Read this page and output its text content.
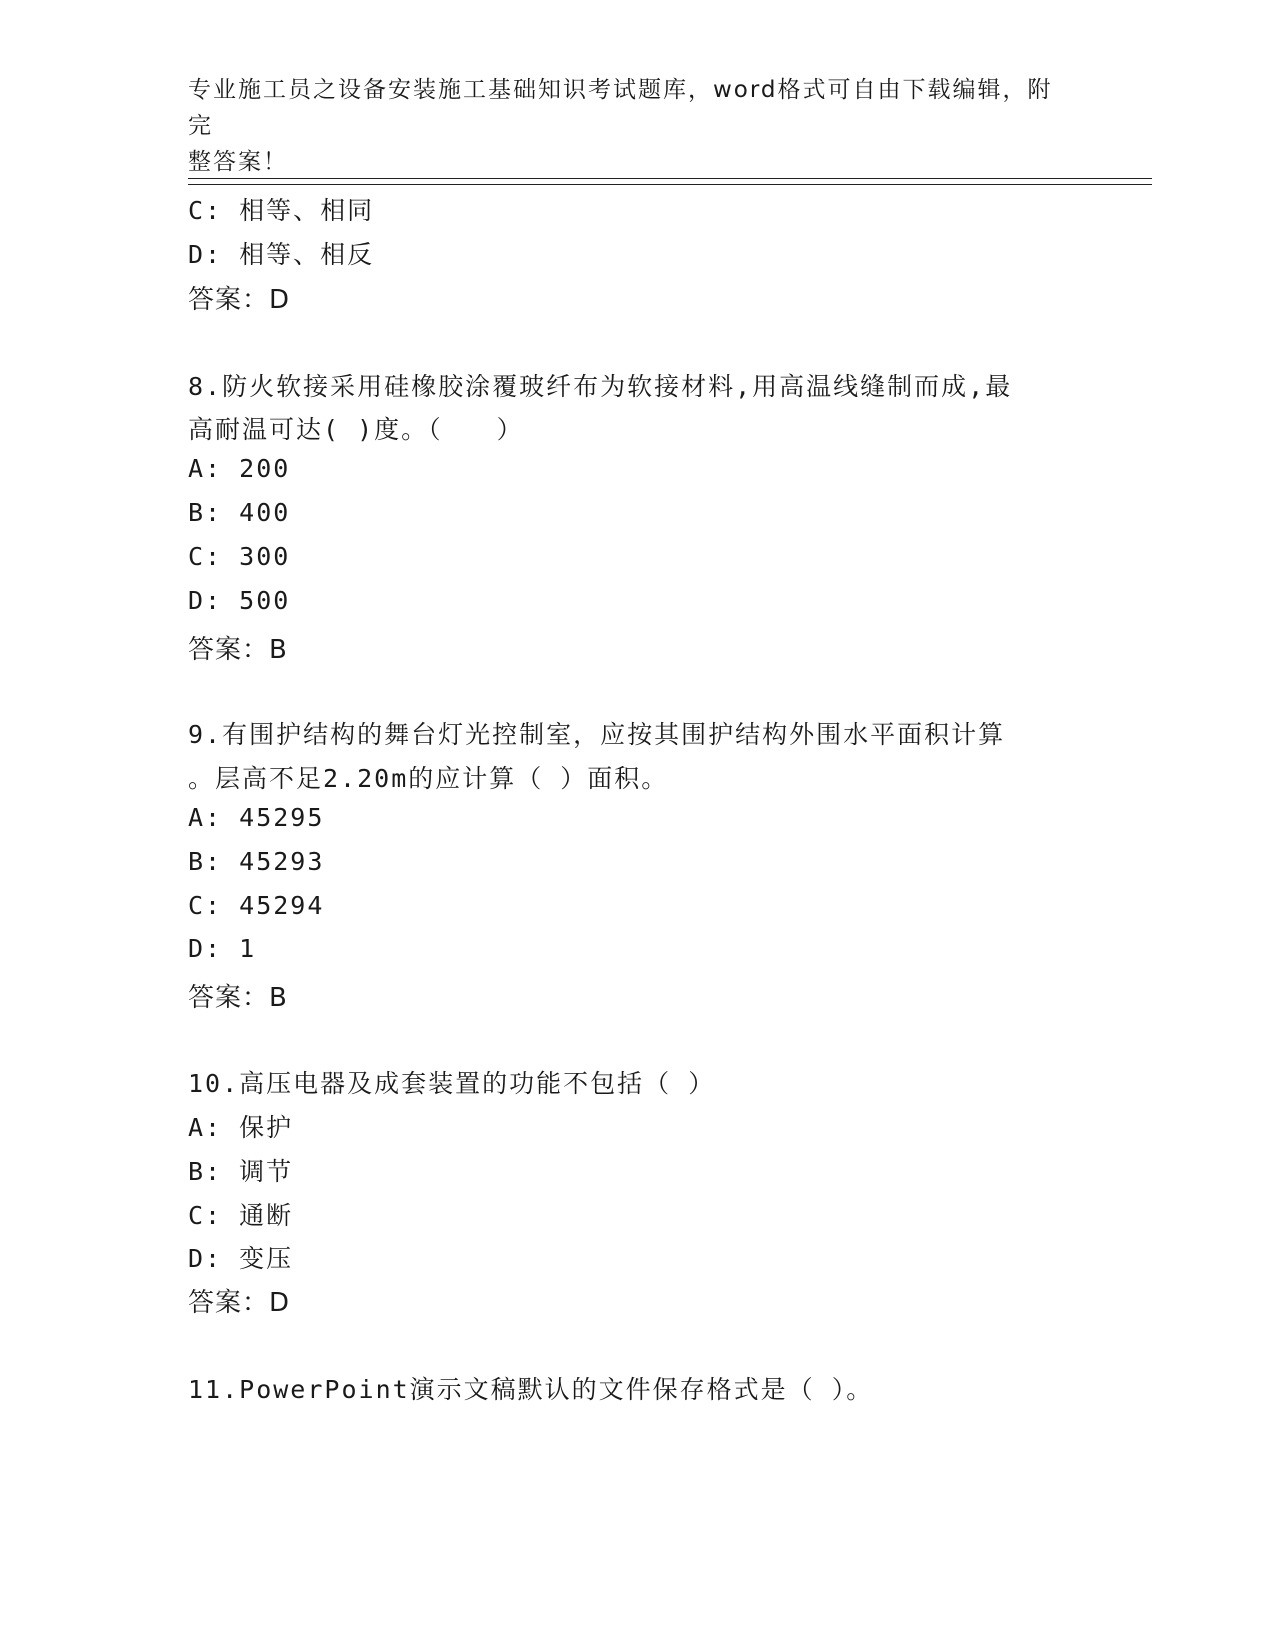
专业施工员之设备安装施工基础知识考试题库，word格式可自由下载编辑，附完
整答案！
C: 相等、相同
D: 相等、相反
答案：D
8.防火软接采用硅橡胶涂覆玻纤布为软接材料,用高温线缝制而成,最
高耐温可达( )度。（　　）
A: 200
B: 400
C: 300
D: 500
答案：B
9.有围护结构的舞台灯光控制室，应按其围护结构外围水平面积计算
。层高不足2.20m的应计算（ ）面积。
A: 45295
B: 45293
C: 45294
D: 1
答案：B
10.高压电器及成套装置的功能不包括（ ）
A: 保护
B: 调节
C: 通断
D: 变压
答案：D
11.PowerPoint演示文稿默认的文件保存格式是（ ）。
